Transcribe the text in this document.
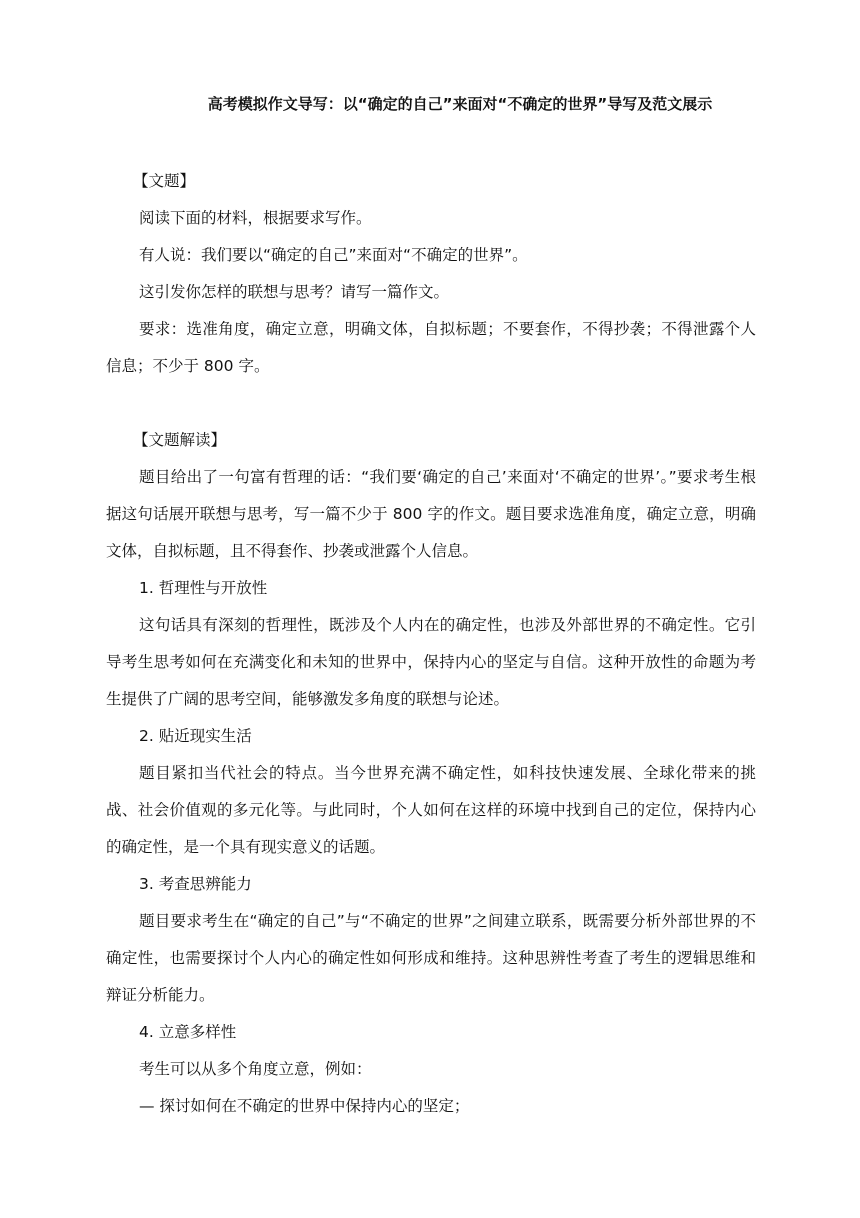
高考模拟作文导写：以“确定的自己”来面对“不确定的世界”导写及范文展示

【文题】

阅读下面的材料，根据要求写作。

有人说：我们要以“确定的自己”来面对“不确定的世界”。

这引发你怎样的联想与思考？请写一篇作文。

要求：选准角度，确定立意，明确文体，自拟标题；不要套作，不得抄袭；不得泄露个人信息；不少于 800 字。

【文题解读】

题目给出了一句富有哲理的话：“我们要‘确定的自己’来面对‘不确定的世界’。”要求考生根据这句话展开联想与思考，写一篇不少于 800 字的作文。题目要求选准角度，确定立意，明确文体，自拟标题，且不得套作、抄袭或泄露个人信息。

1. 哲理性与开放性

这句话具有深刻的哲理性，既涉及个人内在的确定性，也涉及外部世界的不确定性。它引导考生思考如何在充满变化和未知的世界中，保持内心的坚定与自信。这种开放性的命题为考生提供了广阔的思考空间，能够激发多角度的联想与论述。

2. 贴近现实生活

题目紧扣当代社会的特点。当今世界充满不确定性，如科技快速发展、全球化带来的挑战、社会价值观的多元化等。与此同时，个人如何在这样的环境中找到自己的定位，保持内心的确定性，是一个具有现实意义的话题。

3. 考查思辨能力

题目要求考生在“确定的自己”与“不确定的世界”之间建立联系，既需要分析外部世界的不确定性，也需要探讨个人内心的确定性如何形成和维持。这种思辨性考查了考生的逻辑思维和辩证分析能力。

4. 立意多样性

考生可以从多个角度立意，例如：

— 探讨如何在不确定的世界中保持内心的坚定；
